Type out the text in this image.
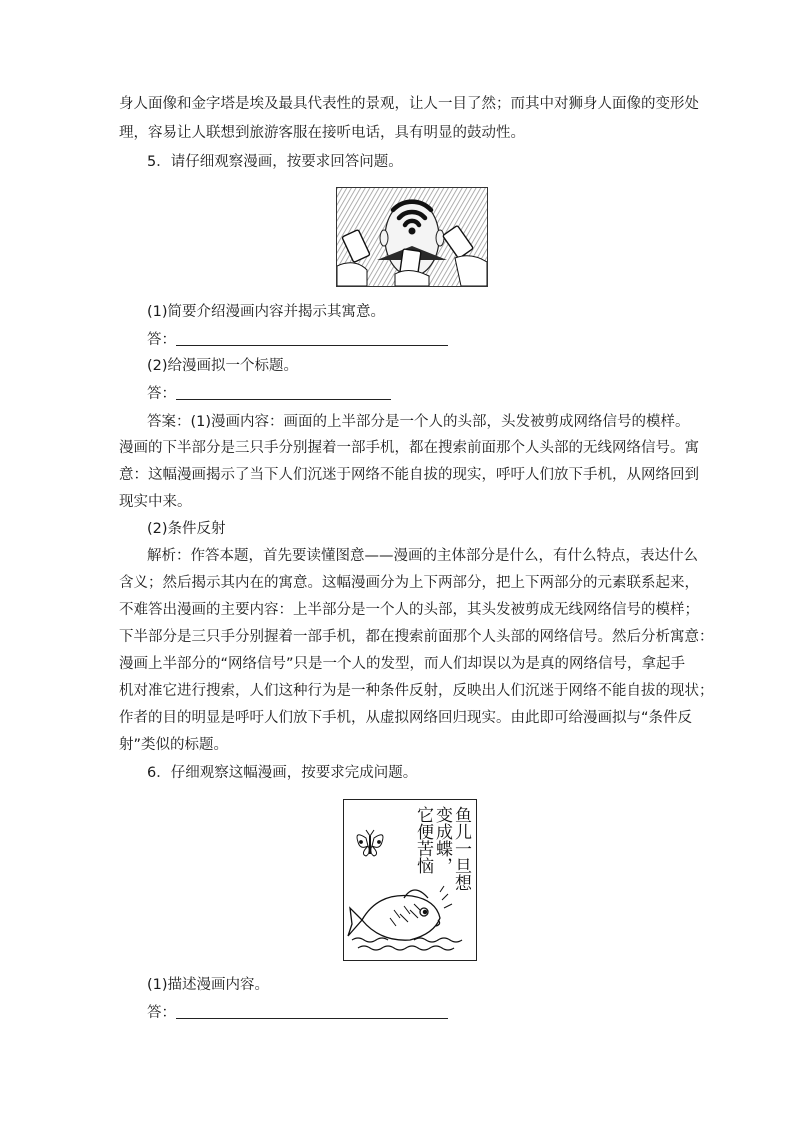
身人面像和金字塔是埃及最具代表性的景观，让人一目了然；而其中对狮身人面像的变形处
理，容易让人联想到旅游客服在接听电话，具有明显的鼓动性。
5．请仔细观察漫画，按要求回答问题。
(1)简要介绍漫画内容并揭示其寓意。
答：
(2)给漫画拟一个标题。
答：
答案：(1)漫画内容：画面的上半部分是一个人的头部，头发被剪成网络信号的模样。
漫画的下半部分是三只手分别握着一部手机，都在搜索前面那个人头部的无线网络信号。寓
意：这幅漫画揭示了当下人们沉迷于网络不能自拔的现实，呼吁人们放下手机，从网络回到
现实中来。
(2)条件反射
解析：作答本题，首先要读懂图意——漫画的主体部分是什么，有什么特点，表达什么
含义；然后揭示其内在的寓意。这幅漫画分为上下两部分，把上下两部分的元素联系起来，
不难答出漫画的主要内容：上半部分是一个人的头部，其头发被剪成无线网络信号的模样；
下半部分是三只手分别握着一部手机，都在搜索前面那个人头部的网络信号。然后分析寓意：
漫画上半部分的“网络信号”只是一个人的发型，而人们却误以为是真的网络信号，拿起手
机对准它进行搜索，人们这种行为是一种条件反射，反映出人们沉迷于网络不能自拔的现状；
作者的目的明显是呼吁人们放下手机，从虚拟网络回归现实。由此即可给漫画拟与“条件反
射”类似的标题。
6．仔细观察这幅漫画，按要求完成问题。
鱼儿一旦想
变成蝶，
它便苦恼
(1)描述漫画内容。
答：
